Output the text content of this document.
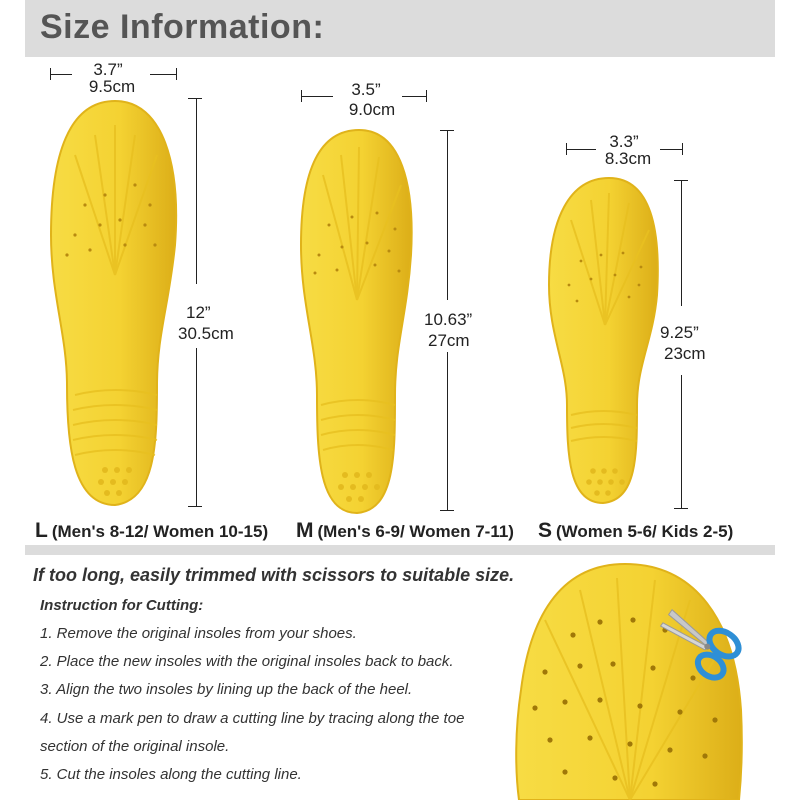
Size Information:
3.7”
9.5cm
12”
30.5cm
3.5”
9.0cm
10.63”
27cm
3.3”
8.3cm
9.25”
23cm
L (Men's 8-12/ Women 10-15) M (Men's 6-9/ Women 7-11) S (Women 5-6/ Kids 2-5)
If too long, easily trimmed with scissors to suitable size.
Instruction for Cutting:
1. Remove the original insoles from your shoes.
2. Place the new insoles with the original insoles back to back.
3. Align the two insoles by lining up the back of the heel.
4. Use a mark pen to draw a cutting line by tracing along the toe
section of the original insole.
5. Cut the insoles along the cutting line.
